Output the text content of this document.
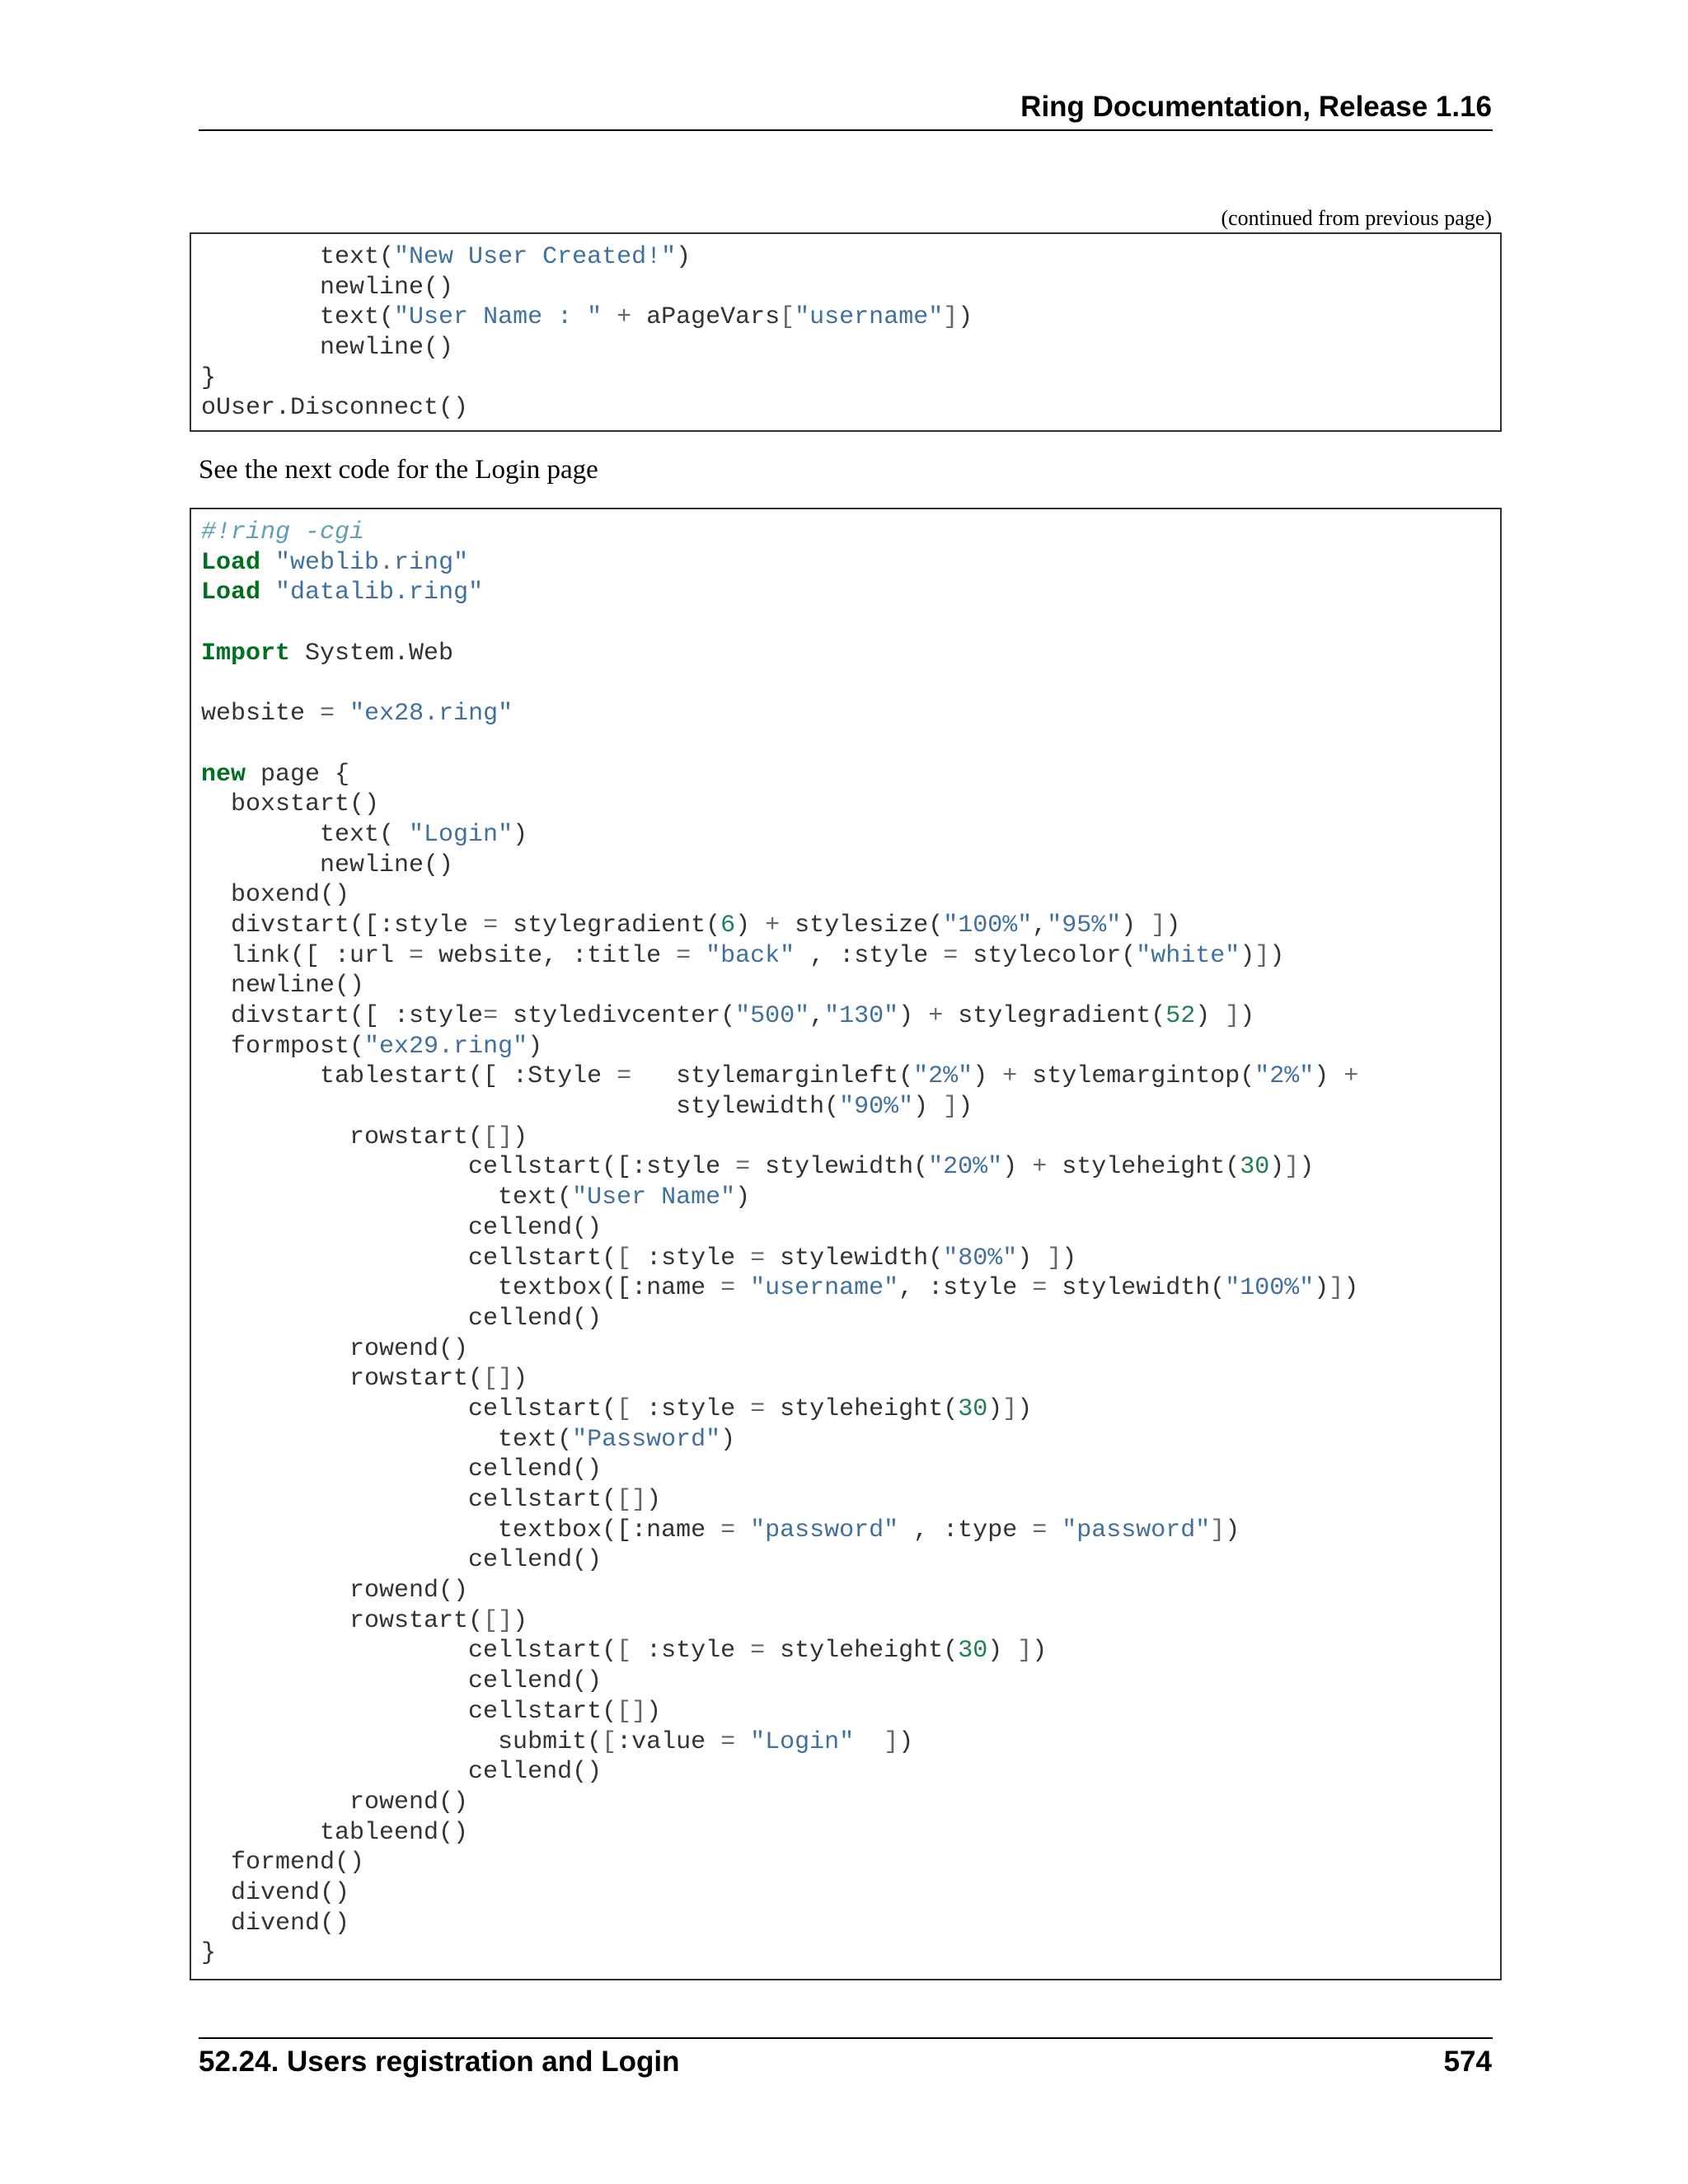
Ring Documentation, Release 1.16
(continued from previous page)
text("New User Created!")
newline()
text("User Name : " + aPageVars["username"])
newline()
}
oUser.Disconnect()
See the next code for the Login page
#!ring -cgi
Load "weblib.ring"
Load "datalib.ring"
Import System.Web
website = "ex28.ring"
new page {
boxstart()
text( "Login")
newline()
boxend()
divstart([:style = stylegradient(6) + stylesize("100%","95%") ])
link([ :url = website, :title = "back" , :style = stylecolor("white")])
newline()
divstart([ :style= styledivcenter("500","130") + stylegradient(52) ])
formpost("ex29.ring")
tablestart([ :Style =   stylemarginleft("2%") + stylemargintop("2%") +
stylewidth("90%") ])
rowstart([])
cellstart([:style = stylewidth("20%") + styleheight(30)])
text("User Name")
cellend()
cellstart([ :style = stylewidth("80%") ])
textbox([:name = "username", :style = stylewidth("100%")])
cellend()
rowend()
rowstart([])
cellstart([ :style = styleheight(30)])
text("Password")
cellend()
cellstart([])
textbox([:name = "password" , :type = "password"])
cellend()
rowend()
rowstart([])
cellstart([ :style = styleheight(30) ])
cellend()
cellstart([])
submit([:value = "Login" ])
cellend()
rowend()
tableend()
formend()
divend()
divend()
}
52.24. Users registration and Login	574
